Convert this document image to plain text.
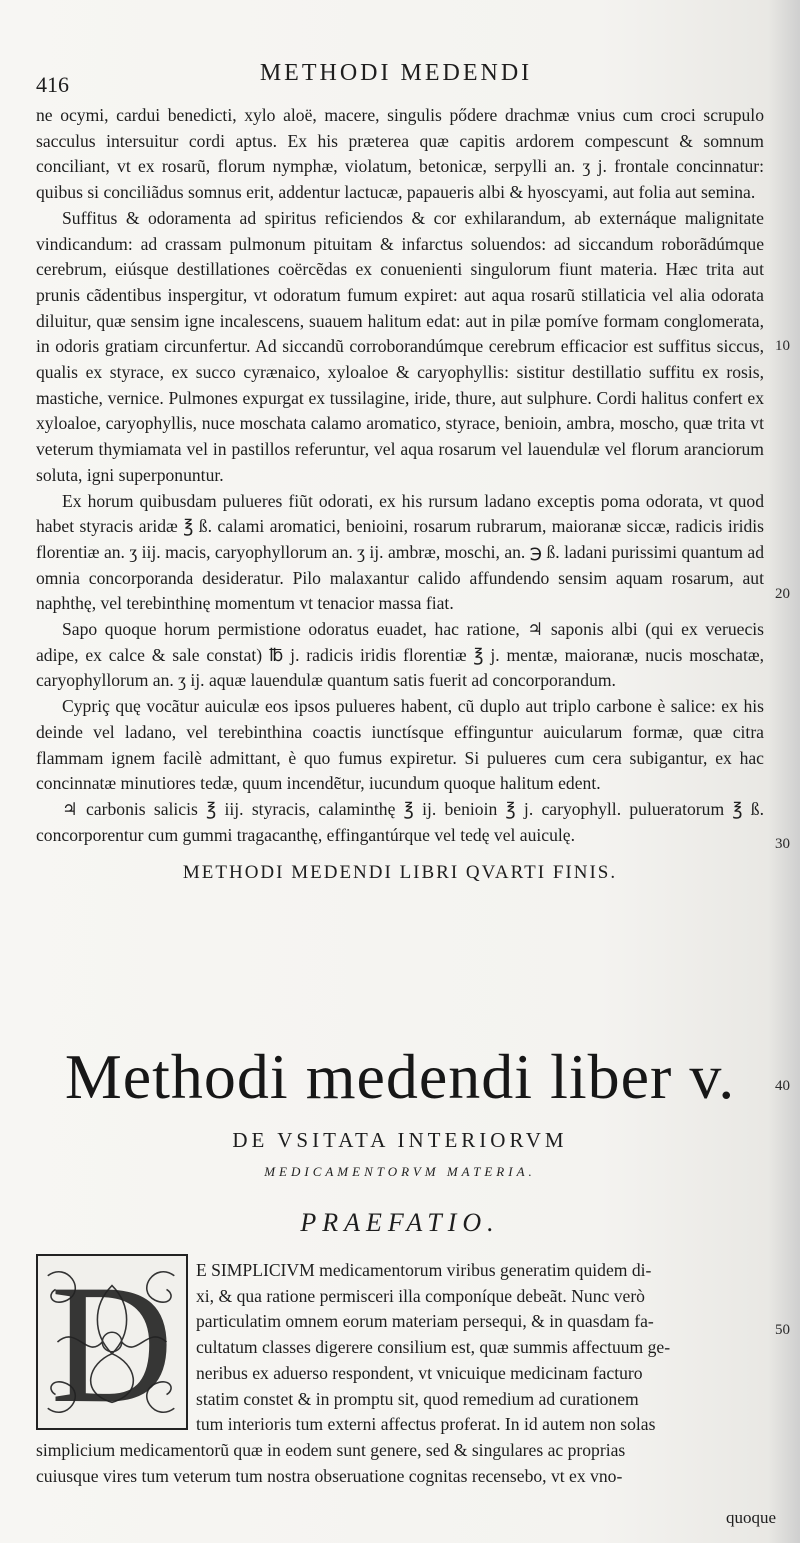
416	METHODI MEDENDI

ne ocymi, cardui benedicti, xylo aloë, macere, singulis pődere drachmæ vnius cum croci scrupulo sacculus intersuitur cordi aptus. Ex his præterea quæ capitis ardorem compescunt & somnum conciliant, vt ex rosarũ, florum nymphæ, violatum, betonicæ, serpylli an. ʒ j. frontale concinnatur: quibus si conciliãdus somnus erit, addentur lactucæ, papaueris albi & hyoscyami, aut folia aut semina.

Suffitus & odoramenta ad spiritus reficiendos & cor exhilarandum, ab externáque malignitate vindicandum: ad crassam pulmonum pituitam & infarctus soluendos: ad siccandum roborãdúmque cerebrum, eiúsque destillationes coërcẽdas ex conuenienti singulorum fiunt materia. Hæc trita aut prunis cãdentibus inspergitur, vt odoratum fumum expiret: aut aqua rosarũ stillaticia vel alia odorata diluitur, quæ sensim igne incalescens, suauem halitum edat: aut in pilæ pomíve formam conglomerata, in odoris gratiam circunfertur. Ad siccandũ corroborandúmque cerebrum efficacior est suffitus siccus, qualis ex styrace, ex succo cyrænaico, xyloaloe & caryophyllis: sistitur destillatio suffitu ex rosis, mastiche, vernice. Pulmones expurgat ex tussilagine, iride, thure, aut sulphure. Cordi halitus confert ex xyloaloe, caryophyllis, nuce moschata calamo aromatico, styrace, benioin, ambra, moscho, quæ trita vt veterum thymiamata vel in pastillos referuntur, vel aqua rosarum vel lauendulæ vel florum aranciorum soluta, igni superponuntur.

Ex horum quibusdam pulueres fiũt odorati, ex his rursum ladano exceptis poma odorata, vt quod habet styracis aridæ ℥ ß. calami aromatici, benioini, rosarum rubrarum, maioranæ siccæ, radicis iridis florentiæ an. ʒ iij. macis, caryophyllorum an. ʒ ij. ambræ, moschi, an. ℈ ß. ladani purissimi quantum ad omnia concorporanda desideratur. Pilo malaxantur calido affundendo sensim aquam rosarum, aut naphthę, vel terebinthinę momentum vt tenacior massa fiat.

Sapo quoque horum permistione odoratus euadet, hac ratione, ♃ saponis albi (qui ex veruecis adipe, ex calce & sale constat) ℔ j. radicis iridis florentiæ ℥ j. mentæ, maioranæ, nucis moschatæ, caryophyllorum an. ʒ ij. aquæ lauendulæ quantum satis fuerit ad concorporandum.

Cypriç quę vocãtur auiculæ eos ipsos pulueres habent, cũ duplo aut triplo carbone è salice: ex his deinde vel ladano, vel terebinthina coactis iunctísque effinguntur auicularum formæ, quæ citra flammam ignem facilè admittant, è quo fumus expiretur. Si pulueres cum cera subigantur, ex hac concinnatæ minutiores tedæ, quum incendẽtur, iucundum quoque halitum edent.

♃ carbonis salicis ℥ iij. styracis, calaminthę ℥ ij. benioin ℥ j. caryophyll. pulueratorum ℥ ß. concorporentur cum gummi tragacanthę, effingantúrque vel tedę vel auiculę.

METHODI MEDENDI LIBRI QVARTI FINIS.
10
20
30
40
50
Methodi medendi liber v.
DE VSITATA INTERIORVM
MEDICAMENTORVM MATERIA.
PRAEFATIO.
D	E SIMPLICIVM medicamentorum viribus generatim quidem di-
xi, & qua ratione permisceri illa componíque debeãt. Nunc verò
particulatim omnem eorum materiam persequi, & in quasdam fa-
cultatum classes digerere consilium est, quæ summis affectuum ge-
neribus ex aduerso respondent, vt vnicuique medicinam facturo
statim constet & in promptu sit, quod remedium ad curationem
tum interioris tum externi affectus proferat. In id autem non solas
simplicium medicamentorũ quæ in eodem sunt genere, sed & singulares ac proprias
cuiusque vires tum veterum tum nostra obseruatione cognitas recensebo, vt ex vno-
quoque
